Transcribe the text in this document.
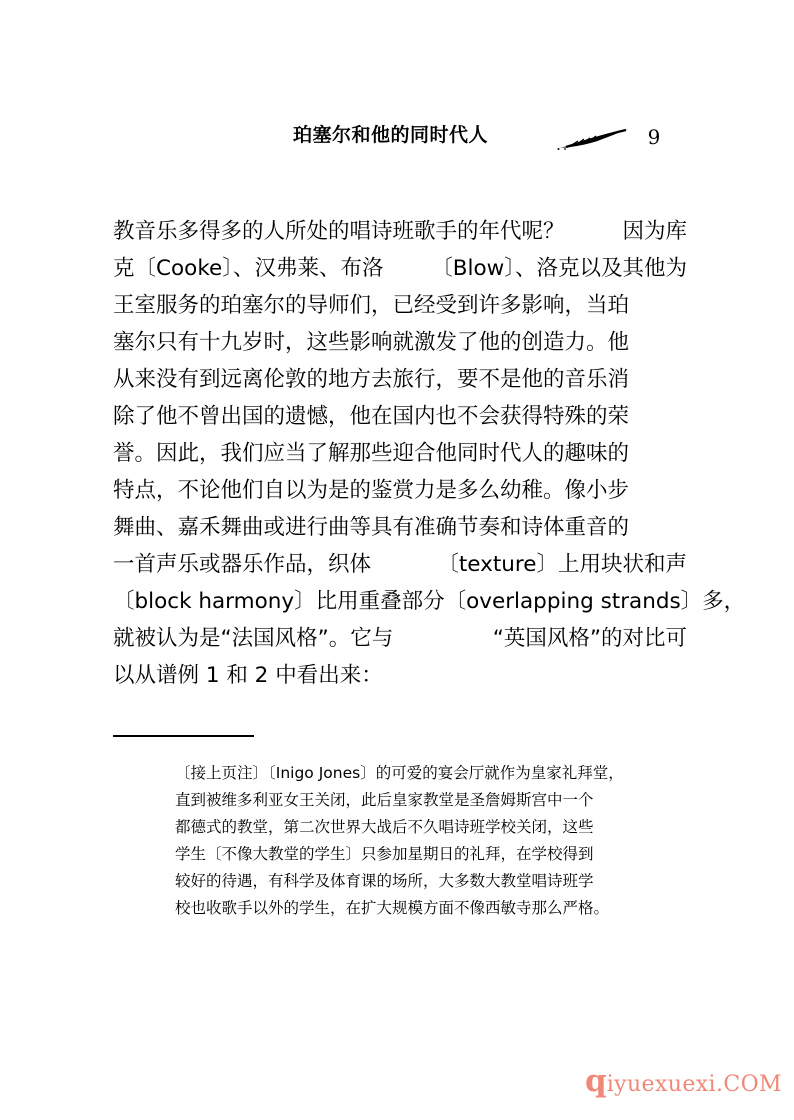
珀塞尔和他的同时代人	9
教音乐多得多的人所处的唱诗班歌手的年代呢？	因为库
克〔Cooke〕、汉弗莱、布洛 〔Blow〕、洛克以及其他为
王室服务的珀塞尔的导师们，已经受到许多影响，当珀
塞尔只有十九岁时，这些影响就激发了他的创造力。他
从来没有到远离伦敦的地方去旅行，要不是他的音乐消
除了他不曾出国的遗憾，他在国内也不会获得特殊的荣
誉。因此，我们应当了解那些迎合他同时代人的趣味的
特点，不论他们自以为是的鉴赏力是多么幼稚。像小步
舞曲、嘉禾舞曲或进行曲等具有准确节奏和诗体重音的
一首声乐或器乐作品，织体	〔texture〕上用块状和声
〔block harmony〕比用重叠部分 〔overlapping strands〕多，
就被认为是“法国风格”。它与	“英国风格”的对比可
以从谱例 1 和 2 中看出来：
〔接上页注〕〔Inigo Jones〕的可爱的宴会厅就作为皇家礼拜堂，
直到被维多利亚女王关闭，此后皇家教堂是圣詹姆斯宫中一个
都德式的教堂，第二次世界大战后不久唱诗班学校关闭，这些
学生〔不像大教堂的学生〕只参加星期日的礼拜，在学校得到
较好的待遇，有科学及体育课的场所，大多数大教堂唱诗班学
校也收歌手以外的学生，在扩大规模方面不像西敏寺那么严格。
q iyuexuexi.COM
